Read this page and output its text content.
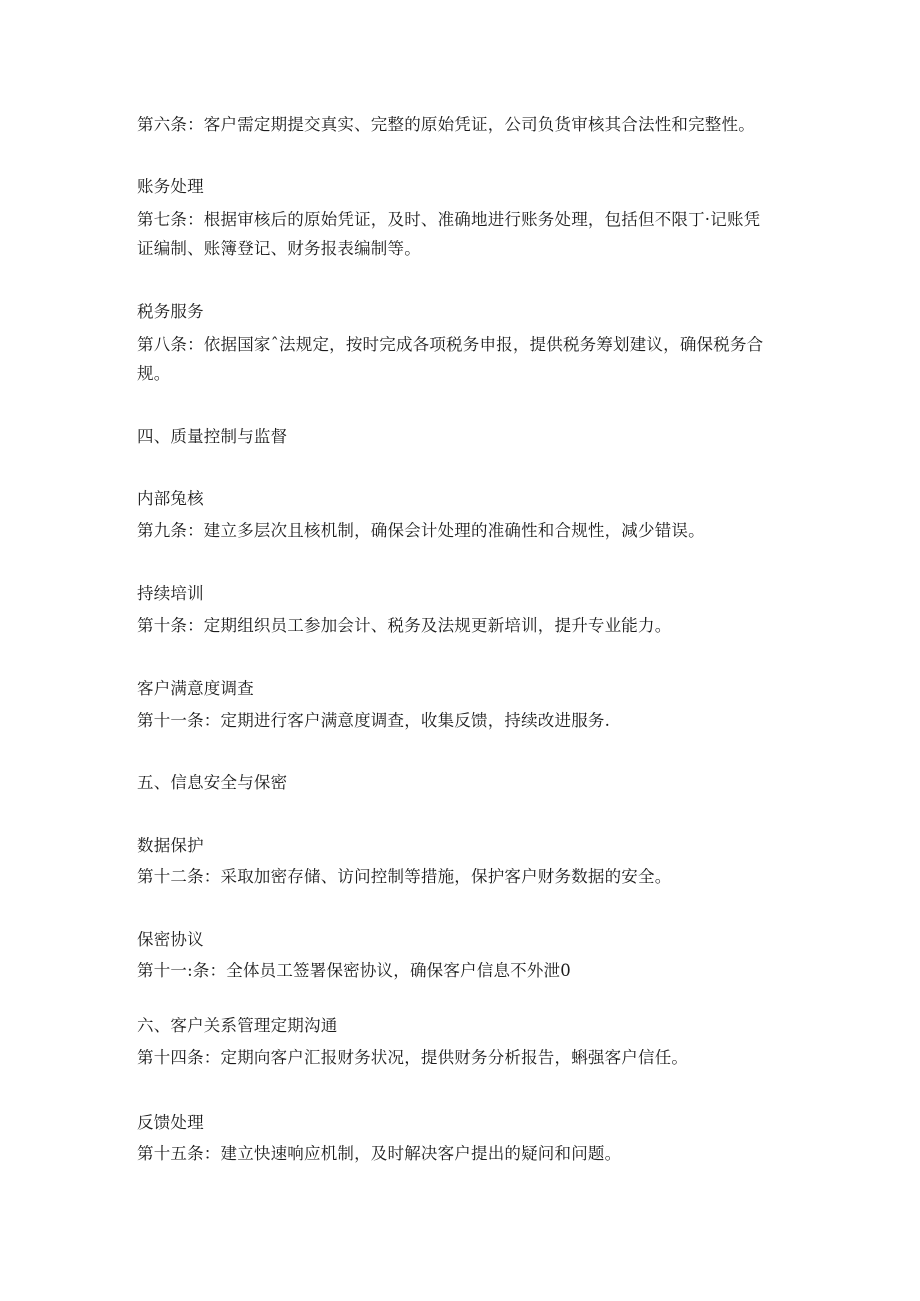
第六条：客户需定期提交真实、完整的原始凭证，公司负货审核其合法性和完整性。
账务处理
第七条：根据审核后的原始凭证，及时、准确地进行账务处理，包括但不限丁·记账凭
证编制、账簿登记、财务报表编制等。
税务服务
第八条：依据国家ˆ法规定，按时完成各项税务申报，提供税务筹划建议，确保税务合
规。
四、质量控制与监督
内部兔核
第九条：建立多层次且核机制，确保会计处理的准确性和合规性，减少错误。
持续培训
第十条：定期组织员工参加会计、税务及法规更新培训，提升专业能力。
客户满意度调查
第十一条：定期进行客户满意度调查，收集反馈，持续改进服务.
五、信息安全与保密
数据保护
第十二条：采取加密存储、访问控制等措施，保护客户财务数据的安全。
保密协议
第十一:条：全体员工签署保密协议，确保客户信息不外泄0
六、客户关系管理定期沟通
第十四条：定期向客户汇报财务状况，提供财务分析报告，蝌强客户信任。
反馈处理
第十五条：建立快速响应机制，及时解决客户提出的疑问和问题。
